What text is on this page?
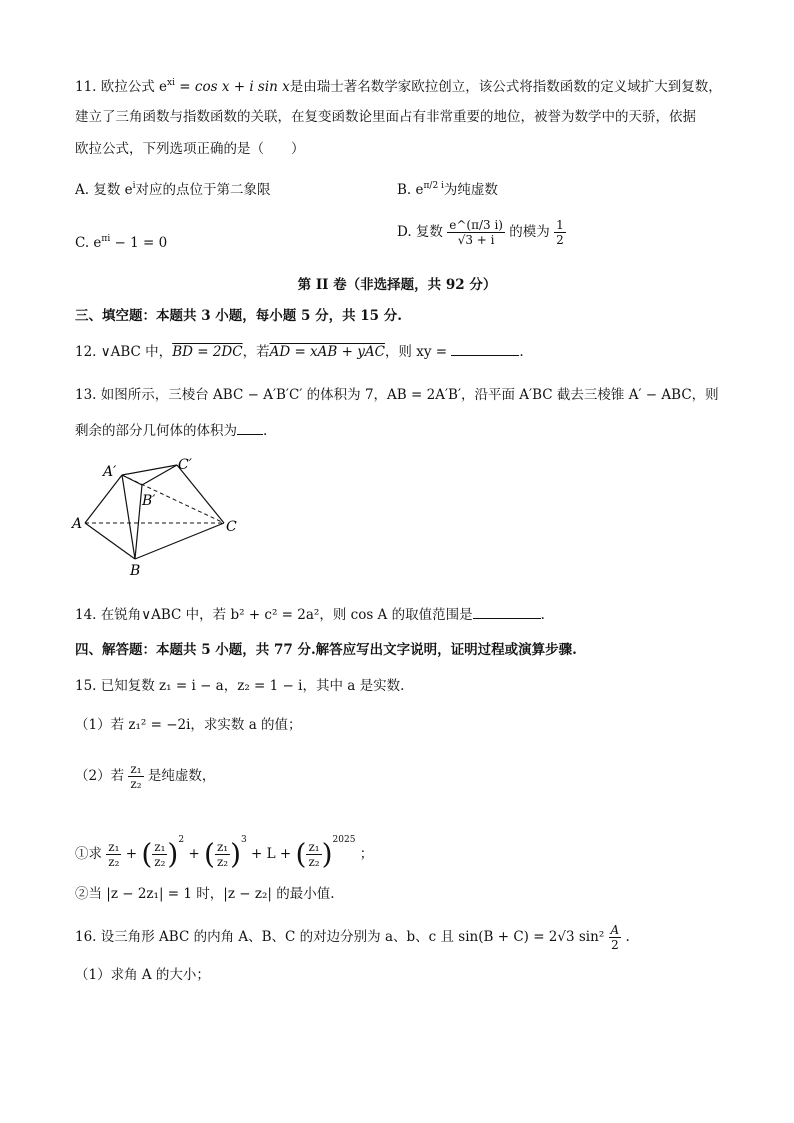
11. 欧拉公式 $e^{xi} = \cos x + i$ sin x是由瑞士著名数学家欧拉创立，该公式将指数函数的定义域扩大到复数，
建立了三角函数与指数函数的关联，在复变函数论里面占有非常重要的地位，被誉为数学中的天骄，依据
欧拉公式，下列选项正确的是（　　）
A. 复数 $e^i$对应的点位于第二象限	B. $e^{\pi/2 i}$为纯虚数
C. $e^{\pi i} - 1 = 0$
D. 复数 $\frac{e\^{}(\pi/3 i)}{√3 + i}$ 的模为 $\frac{1}{2}$
第 II 卷（非选择题，共 92 分）
三、填空题：本题共 3 小题，每小题 5 分，共 15 分.
12. ∨ABC 中，BD = 2DC，若AD = xAB + yAC，则 xy =	.
13. 如图所示，三棱台 ABC − A′B′C′ 的体积为 7，AB = 2A′B′，沿平面 A′BC 截去三棱锥 A′ − ABC，则
剩余的部分几何体的体积为 .
A′	C′
B′
A	C
B
14. 在锐角∨ABC 中，若 b² + c² = 2a²，则 cos A 的取值范围是	.
四、解答题：本题共 5 小题，共 77 分.解答应写出文字说明，证明过程或演算步骤.
15. 已知复数 z₁ = i − a，z₂ = 1 − i，其中 a 是实数.
（1）若 z₁² = −2i，求实数 a 的值；
（2）若 $\frac{\text{z₁}}{\text{z₂}}$ 是纯虚数，
①求 $\frac{\text{z₁}}{\text{z₂}}$ + ( $\frac{\text{z₁}}{\text{z₂}} )^2$ + ( $\frac{\text{z₁}}{\text{z₂}} )^3 + L$ + ( $\frac{\text{z₁}}{\text{z₂}} )^{2025}$ ；
②当 |z − 2z₁| = 1 时，|z − z₂| 的最小值.
16. 设三角形 ABC 的内角 A、B、C 的对边分别为 a、b、c 且 sin(B + C) = 2√3 $\sin^2 \frac{A}{2}$ .
（1）求角 A 的大小；
